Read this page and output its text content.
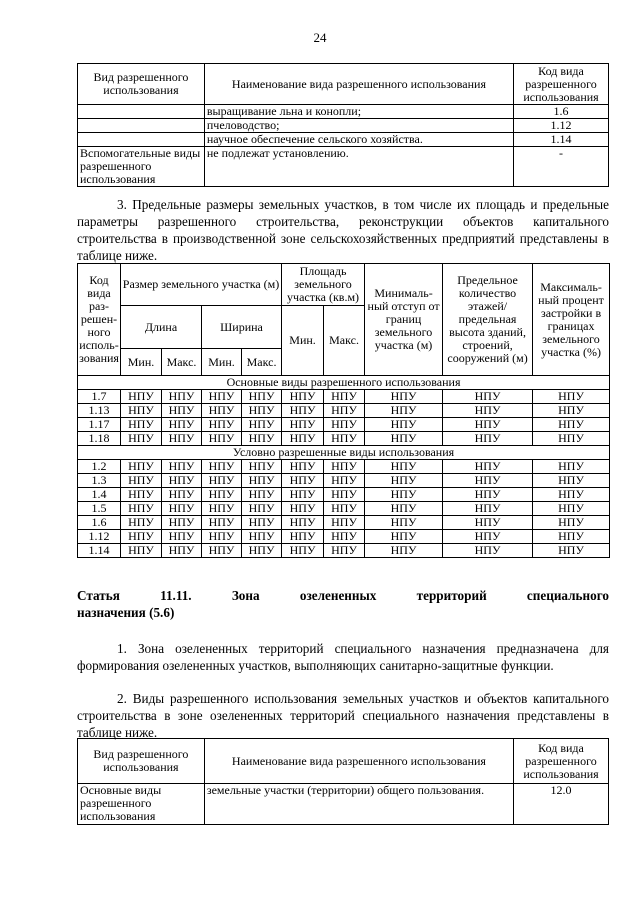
24
Вид разрешенного использования	Наименование вида разрешенного использования	Код вида разрешенного использования
	выращивание льна и конопли;	1.6
	пчеловодство;	1.12
	научное обеспечение сельского хозяйства.	1.14
Вспомогательные виды разрешенного использования	не подлежат установлению.	-

3. Предельные размеры земельных участков, в том числе их площадь и предельные параметры разрешенного строительства, реконструкции объектов капитального строительства в производственной зоне сельскохозяйственных предприятий представлены в таблице ниже.

Код вида раз-решен-ного исполь-зования	Размер земельного участка (м)				Площадь земельного участка (кв.м)		Минималь-ный отступ от границ земельного участка (м)	Предельное количество этажей/ предельная высота зданий, строений, сооружений (м)	Максималь-ный процент застройки в границах земельного участка (%)
	Длина		Ширина		Мин.	Макс.			
	Мин.	Макс.	Мин.	Макс.					
Основные виды разрешенного использования									
1.7	НПУ	НПУ	НПУ	НПУ	НПУ	НПУ	НПУ	НПУ	НПУ
1.13	НПУ	НПУ	НПУ	НПУ	НПУ	НПУ	НПУ	НПУ	НПУ
1.17	НПУ	НПУ	НПУ	НПУ	НПУ	НПУ	НПУ	НПУ	НПУ
1.18	НПУ	НПУ	НПУ	НПУ	НПУ	НПУ	НПУ	НПУ	НПУ
Условно разрешенные виды использования									
1.2	НПУ	НПУ	НПУ	НПУ	НПУ	НПУ	НПУ	НПУ	НПУ
1.3	НПУ	НПУ	НПУ	НПУ	НПУ	НПУ	НПУ	НПУ	НПУ
1.4	НПУ	НПУ	НПУ	НПУ	НПУ	НПУ	НПУ	НПУ	НПУ
1.5	НПУ	НПУ	НПУ	НПУ	НПУ	НПУ	НПУ	НПУ	НПУ
1.6	НПУ	НПУ	НПУ	НПУ	НПУ	НПУ	НПУ	НПУ	НПУ
1.12	НПУ	НПУ	НПУ	НПУ	НПУ	НПУ	НПУ	НПУ	НПУ
1.14	НПУ	НПУ	НПУ	НПУ	НПУ	НПУ	НПУ	НПУ	НПУ
Статья	11.11.	Зона	озелененных	территорий	специального
назначения (5.6)

1. Зона озелененных территорий специального назначения предназначена для формирования озелененных участков, выполняющих санитарно-защитные функции.

2. Виды разрешенного использования земельных участков и объектов капитального строительства в зоне озелененных территорий специального назначения представлены в таблице ниже.

Вид разрешенного использования	Наименование вида разрешенного использования	Код вида разрешенного использования
Основные виды разрешенного использования	земельные участки (территории) общего пользования.	12.0
